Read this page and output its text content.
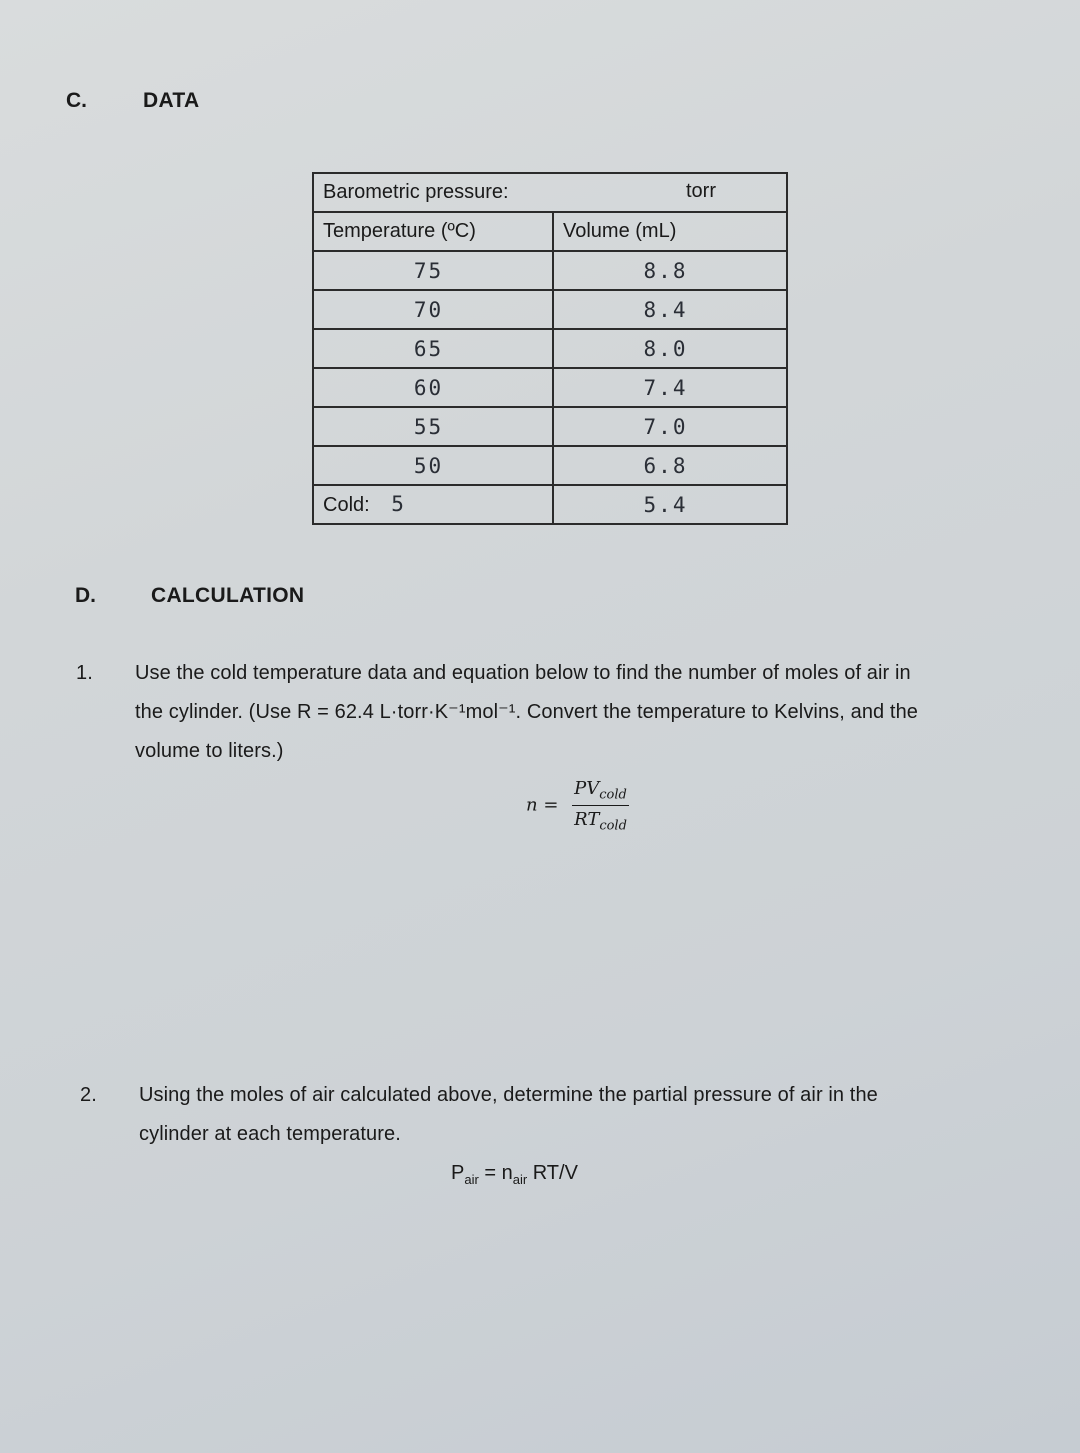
C.	DATA
Barometric pressure: torr	

Temperature (ºC)	Volume (mL)
75	8.8
70	8.4
65	8.0
60	7.4
55	7.0
50	6.8
Cold: 5	5.4
D.	CALCULATION
1. Use the cold temperature data and equation below to find the number of moles of air in
the cylinder. (Use R = 62.4 L·torr·K⁻¹mol⁻¹. Convert the temperature to Kelvins, and the
volume to liters.)
$n = \frac{PV_{cold}}{RT_{cold}}$
2. Using the moles of air calculated above, determine the partial pressure of air in the
cylinder at each temperature.
$P_{air} = n_{air}$ RT/V
